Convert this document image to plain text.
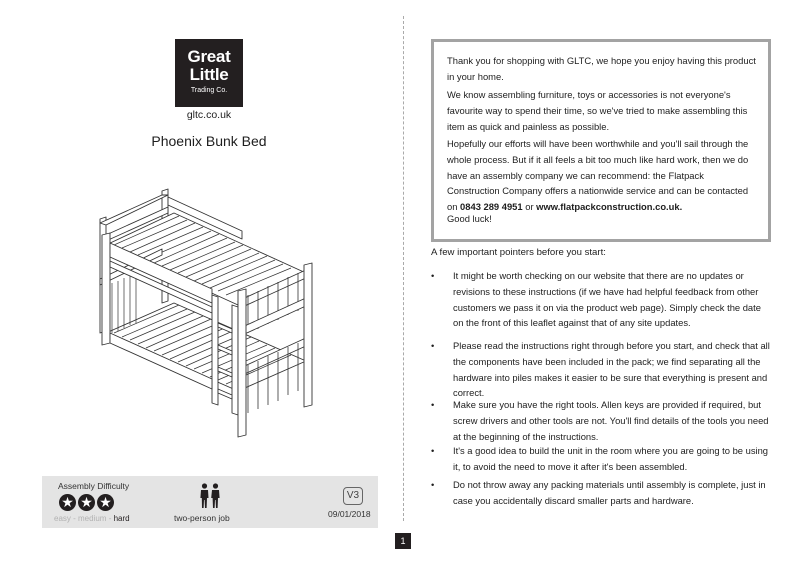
Great
Little
Trading Co.
gltc.co.uk
Phoenix Bunk Bed
Assembly Difficulty
★ ★ ★
easy - medium - hard	two-person job
V3
09/01/2018
1

Thank you for shopping with GLTC, we hope you enjoy having this product in your home.

We know assembling furniture, toys or accessories is not everyone's favourite way to spend their time, so we've tried to make assembling this item as quick and painless as possible.

Hopefully our efforts will have been worthwhile and you'll sail through the whole process. But if it all feels a bit too much like hard work, then we do have an assembly company we can recommend: the Flatpack Construction Company offers a nationwide service and can be contacted on 0843 289 4951 or www.flatpackconstruction.co.uk.

Good luck!

A few important pointers before you start:
• It might be worth checking on our website that there are no updates or revisions to these instructions (if we have had helpful feedback from other customers we pass it on via the product web page). Simply check the date on the front of this leaflet against that of any site updates.
• Please read the instructions right through before you start, and check that all the components have been included in the pack; we find separating all the hardware into piles makes it easier to be sure that everything is present and correct.
• Make sure you have the right tools. Allen keys are provided if required, but screw drivers and other tools are not. You'll find details of the tools you need at the beginning of the instructions.
• It's a good idea to build the unit in the room where you are going to be using it, to avoid the need to move it after it's been assembled.
• Do not throw away any packing materials until assembly is complete, just in case you accidentally discard smaller parts and hardware.
